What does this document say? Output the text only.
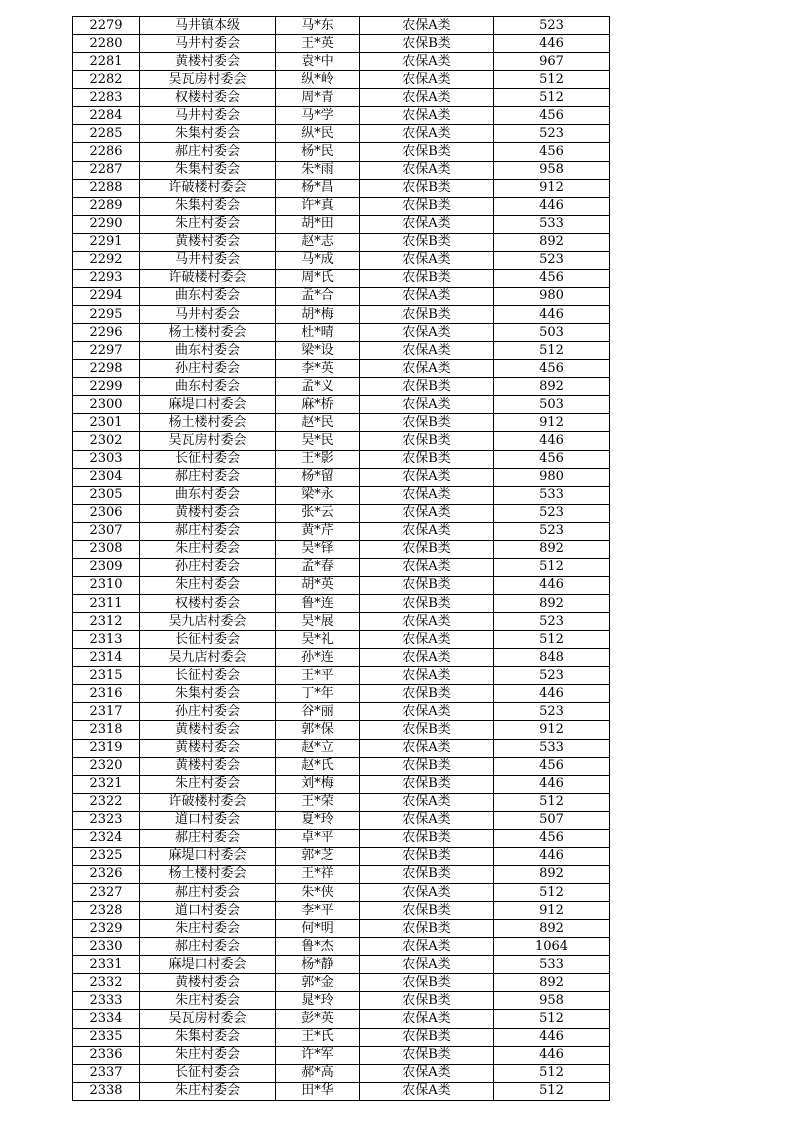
2279	马井镇本级	马*东	农保A类	523
2280	马井村委会	王*英	农保B类	446
2281	黄楼村委会	袁*中	农保A类	967
2282	吴瓦房村委会	纵*岭	农保A类	512
2283	权楼村委会	周*青	农保A类	512
2284	马井村委会	马*学	农保A类	456
2285	朱集村委会	纵*民	农保A类	523
2286	郝庄村委会	杨*民	农保B类	456
2287	朱集村委会	朱*雨	农保A类	958
2288	许破楼村委会	杨*昌	农保B类	912
2289	朱集村委会	许*真	农保B类	446
2290	朱庄村委会	胡*田	农保A类	533
2291	黄楼村委会	赵*志	农保B类	892
2292	马井村委会	马*成	农保A类	523
2293	许破楼村委会	周*氏	农保B类	456
2294	曲东村委会	孟*合	农保A类	980
2295	马井村委会	胡*梅	农保B类	446
2296	杨土楼村委会	杜*晴	农保A类	503
2297	曲东村委会	梁*设	农保A类	512
2298	孙庄村委会	李*英	农保A类	456
2299	曲东村委会	孟*义	农保B类	892
2300	麻堤口村委会	麻*桥	农保A类	503
2301	杨土楼村委会	赵*民	农保B类	912
2302	吴瓦房村委会	吴*民	农保B类	446
2303	长征村委会	王*影	农保B类	456
2304	郝庄村委会	杨*留	农保A类	980
2305	曲东村委会	梁*永	农保A类	533
2306	黄楼村委会	张*云	农保A类	523
2307	郝庄村委会	黄*芹	农保A类	523
2308	朱庄村委会	吴*铎	农保B类	892
2309	孙庄村委会	孟*春	农保A类	512
2310	朱庄村委会	胡*英	农保B类	446
2311	权楼村委会	鲁*连	农保B类	892
2312	吴九店村委会	吴*展	农保A类	523
2313	长征村委会	吴*礼	农保A类	512
2314	吴九店村委会	孙*连	农保A类	848
2315	长征村委会	王*平	农保A类	523
2316	朱集村委会	丁*年	农保B类	446
2317	孙庄村委会	谷*丽	农保A类	523
2318	黄楼村委会	郭*保	农保B类	912
2319	黄楼村委会	赵*立	农保A类	533
2320	黄楼村委会	赵*氏	农保B类	456
2321	朱庄村委会	刘*梅	农保B类	446
2322	许破楼村委会	王*荣	农保A类	512
2323	道口村委会	夏*玲	农保A类	507
2324	郝庄村委会	卓*平	农保B类	456
2325	麻堤口村委会	郭*芝	农保B类	446
2326	杨土楼村委会	王*祥	农保B类	892
2327	郝庄村委会	朱*侠	农保A类	512
2328	道口村委会	李*平	农保B类	912
2329	朱庄村委会	何*明	农保B类	892
2330	郝庄村委会	鲁*杰	农保A类	1064
2331	麻堤口村委会	杨*静	农保A类	533
2332	黄楼村委会	郭*金	农保B类	892
2333	朱庄村委会	晁*玲	农保B类	958
2334	吴瓦房村委会	彭*英	农保A类	512
2335	朱集村委会	王*氏	农保B类	446
2336	朱庄村委会	许*军	农保B类	446
2337	长征村委会	郝*高	农保A类	512
2338	朱庄村委会	田*华	农保A类	512
